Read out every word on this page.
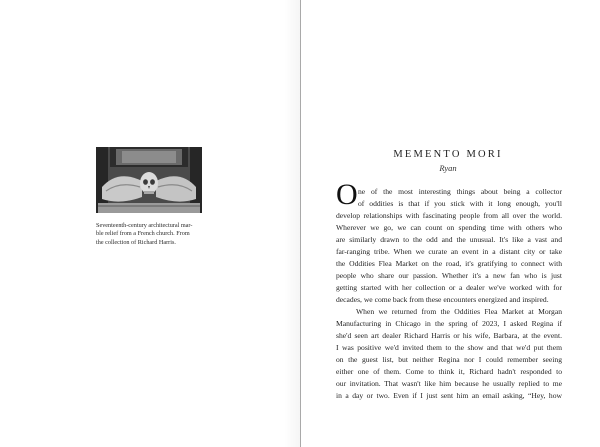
Seventeenth-century architectural mar-
ble relief from a French church. From
the collection of Richard Harris.
MEMENTO MORI
Ryan
O ne of the most interesting things about being a collector
of oddities is that if you stick with it long enough, you'll
develop relationships with fascinating people from all over the world.
Wherever we go, we can count on spending time with others who
are similarly drawn to the odd and the unusual. It's like a vast and
far-ranging tribe. When we curate an event in a distant city or take
the Oddities Flea Market on the road, it's gratifying to connect with
people who share our passion. Whether it's a new fan who is just
getting started with her collection or a dealer we've worked with for
decades, we come back from these encounters energized and inspired.
When we returned from the Oddities Flea Market at Morgan
Manufacturing in Chicago in the spring of 2023, I asked Regina if
she'd seen art dealer Richard Harris or his wife, Barbara, at the event.
I was positive we'd invited them to the show and that we'd put them
on the guest list, but neither Regina nor I could remember seeing
either one of them. Come to think it, Richard hadn't responded to
our invitation. That wasn't like him because he usually replied to me
in a day or two. Even if I just sent him an email asking, “Hey, how
